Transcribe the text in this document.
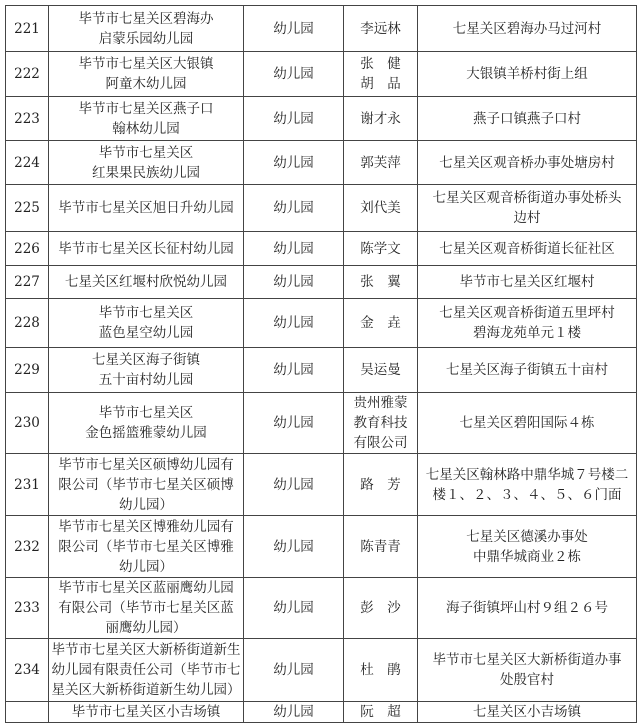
221	毕节市七星关区碧海办
启蒙乐园幼儿园	幼儿园	李远林	七星关区碧海办马过河村

222	毕节市七星关区大银镇
阿童木幼儿园	幼儿园	张　健
胡　品	大银镇羊桥村街上组

223	毕节市七星关区燕子口
翰林幼儿园	幼儿园	谢才永	燕子口镇燕子口村

224	毕节市七星关区
红果果民族幼儿园	幼儿园	郭芙萍	七星关区观音桥办事处塘房村

225	毕节市七星关区旭日升幼儿园	幼儿园	刘代美	七星关区观音桥街道办事处桥头
边村

226	毕节市七星关区长征村幼儿园	幼儿园	陈学文	七星关区观音桥街道长征社区

227	七星关区红堰村欣悦幼儿园	幼儿园	张　翼	毕节市七星关区红堰村

228	毕节市七星关区
蓝色星空幼儿园	幼儿园	金　垚	七星关区观音桥街道五里坪村
碧海龙苑单元１楼

229	七星关区海子街镇
五十亩村幼儿园	幼儿园	吴运曼	七星关区海子街镇五十亩村

230	毕节市七星关区
金色摇篮雅蒙幼儿园	幼儿园	贵州雅蒙
教育科技
有限公司	七星关区碧阳国际４栋

231	毕节市七星关区硕博幼儿园有
限公司（毕节市七星关区硕博
幼儿园）	幼儿园	路　芳	七星关区翰林路中鼎华城７号楼二
楼１、２、３、４、５、６门面

232	毕节市七星关区博雅幼儿园有
限公司（毕节市七星关区博雅
幼儿园）	幼儿园	陈青青	七星关区德溪办事处
中鼎华城商业２栋

233	毕节市七星关区蓝丽鹰幼儿园
有限公司（毕节市七星关区蓝
丽鹰幼儿园）	幼儿园	彭　沙	海子街镇坪山村９组２６号

234	毕节市七星关区大新桥街道新生
幼儿园有限责任公司（毕节市七
星关区大新桥街道新生幼儿园）	幼儿园	杜　鹃	毕节市七星关区大新桥街道办事
处殷官村

	毕节市七星关区小吉场镇	幼儿园	阮　超	七星关区小吉场镇
